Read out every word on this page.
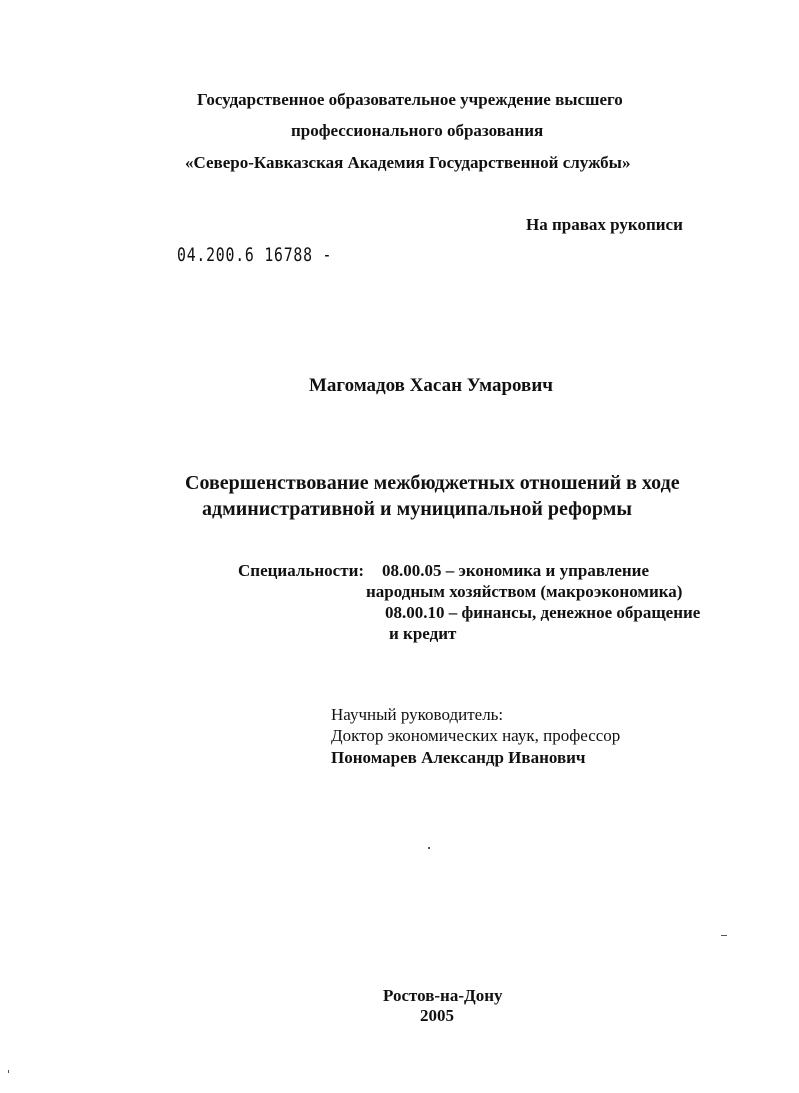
Государственное образовательное учреждение высшего
профессионального образования
«Северо-Кавказская Академия Государственной службы»
На правах рукописи
04.200.6 16788 -
Магомадов Хасан Умарович
Совершенствование межбюджетных отношений в ходе
административной и муниципальной реформы
Специальности: 08.00.05 – экономика и управление
народным хозяйством (макроэкономика)
08.00.10 – финансы, денежное обращение
и кредит
Научный руководитель:
Доктор экономических наук, профессор
Пономарев Александр Иванович
Ростов-на-Дону
2005
